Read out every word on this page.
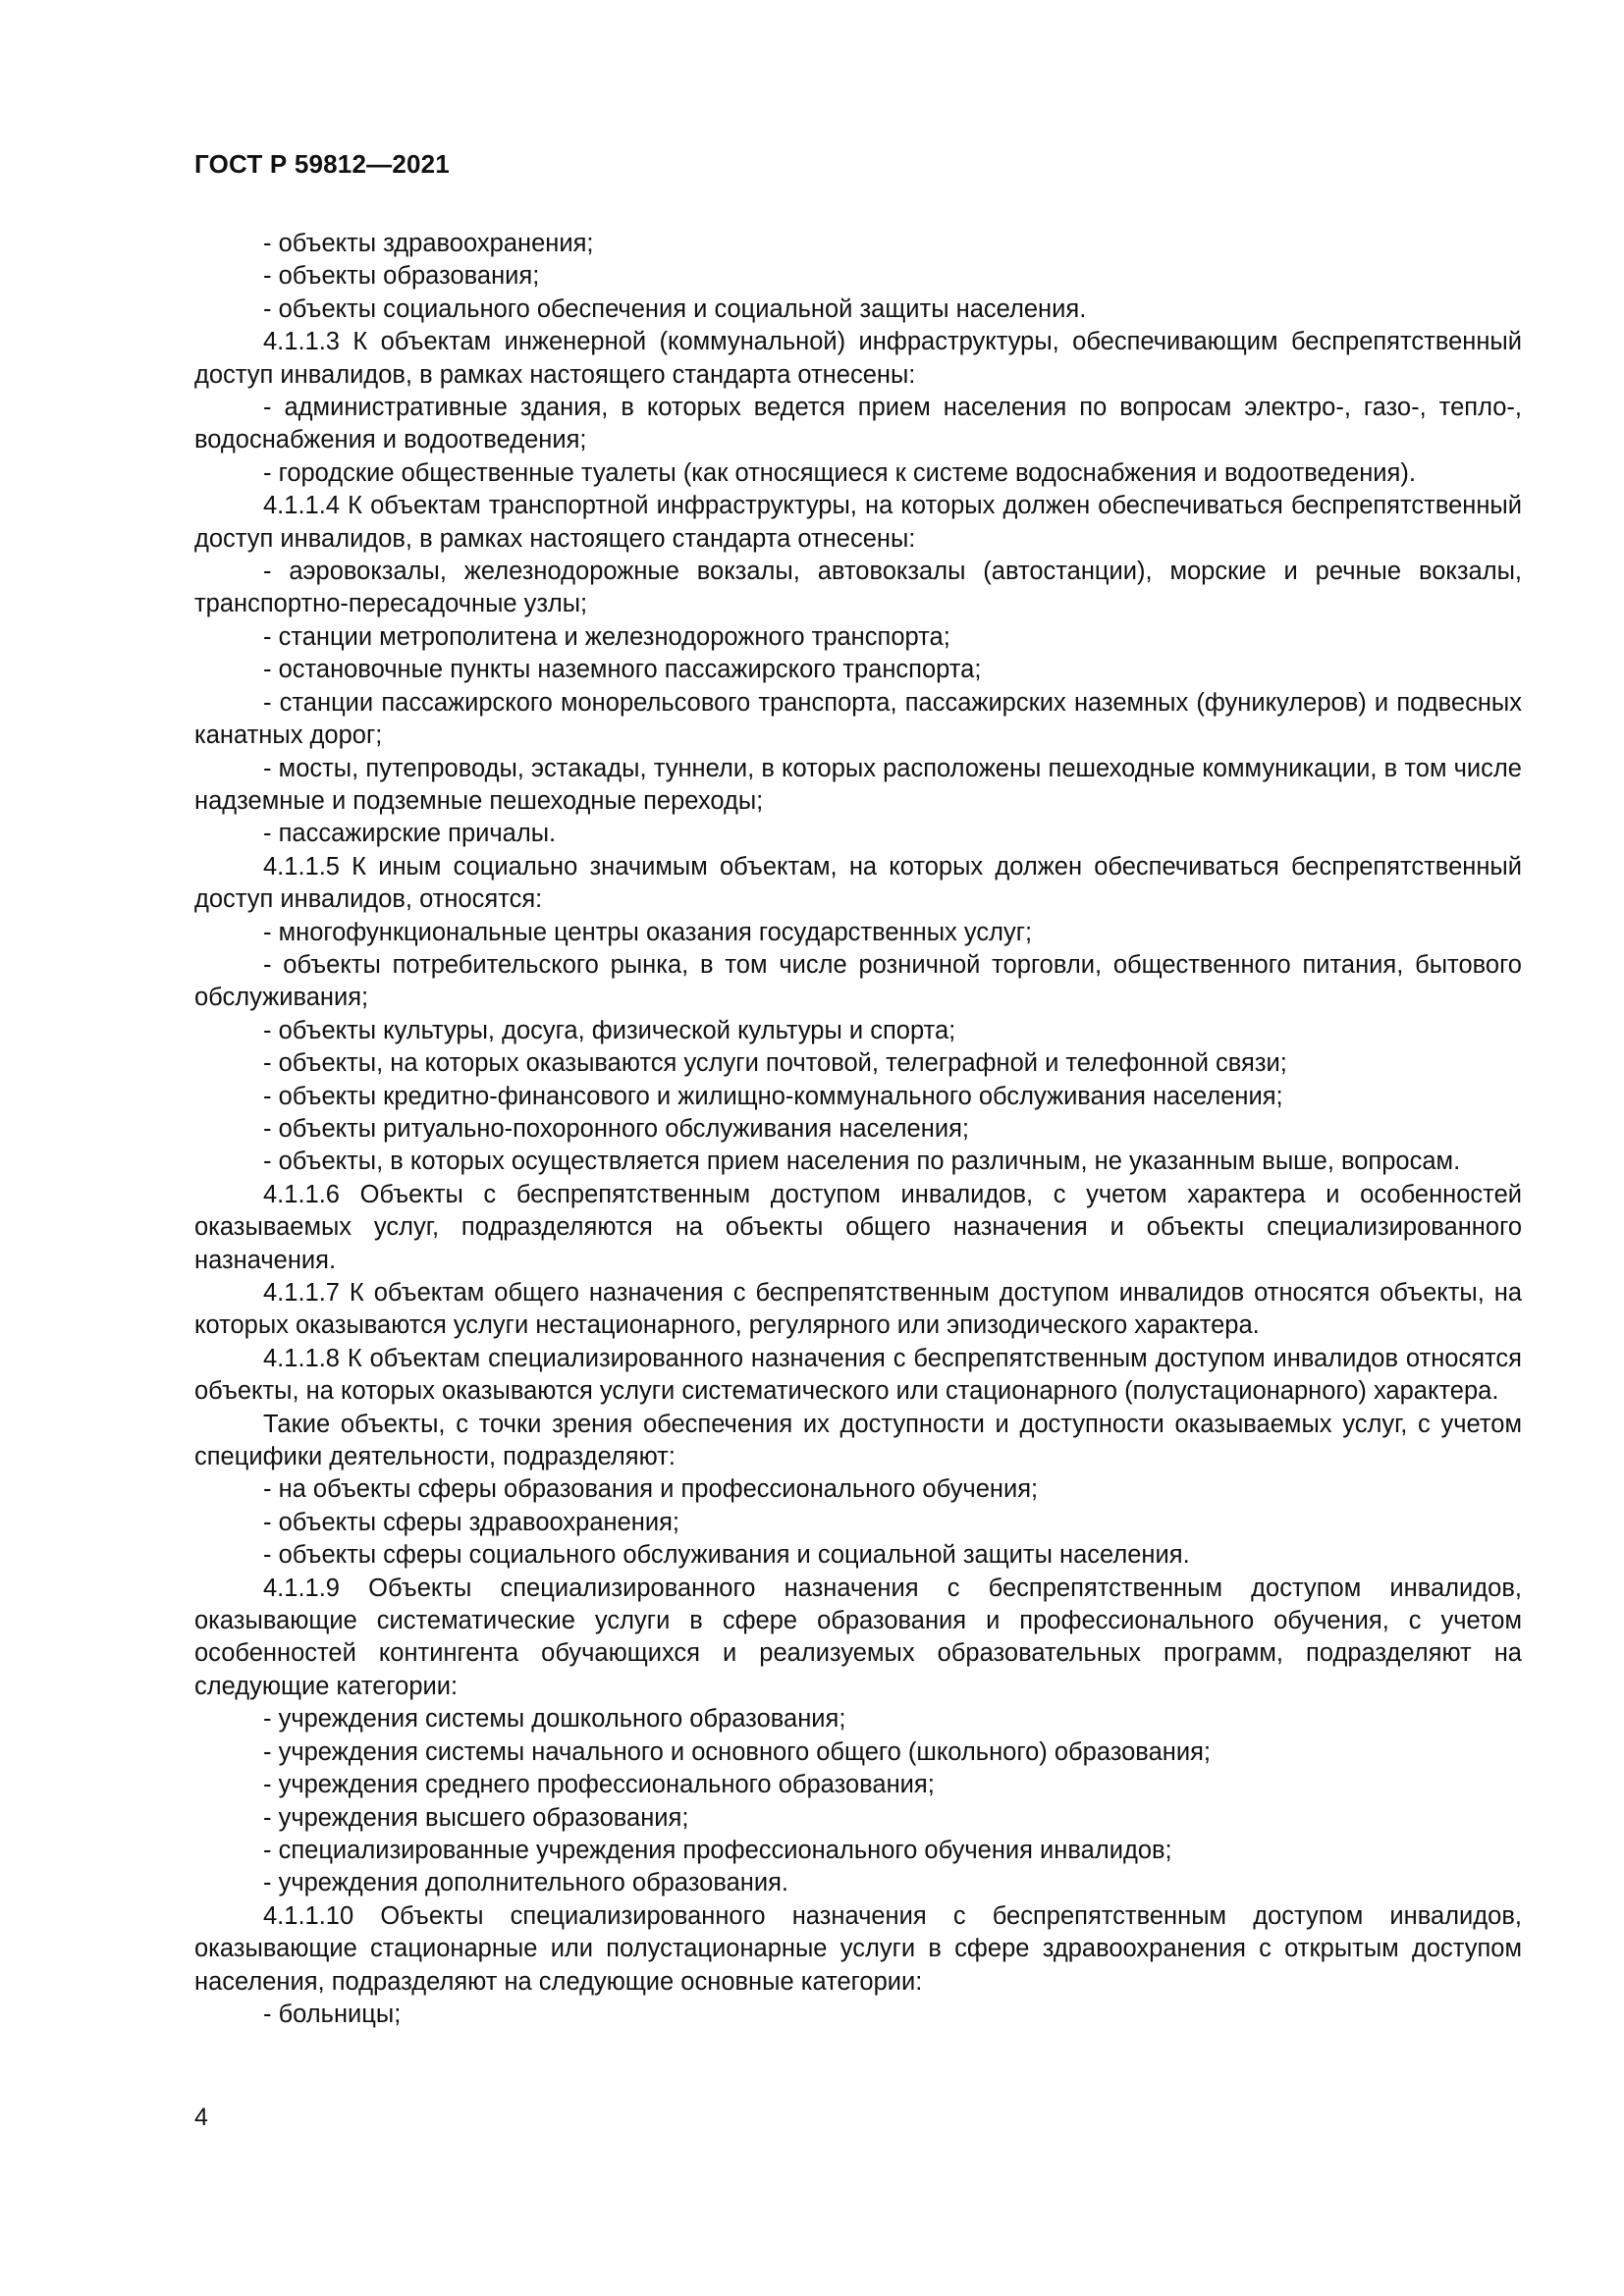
ГОСТ Р 59812—2021

- объекты здравоохранения;

- объекты образования;

- объекты социального обеспечения и социальной защиты населения.

4.1.1.3 К объектам инженерной (коммунальной) инфраструктуры, обеспечивающим беспрепятственный доступ инвалидов, в рамках настоящего стандарта отнесены:

- административные здания, в которых ведется прием населения по вопросам электро-, газо-, тепло-, водоснабжения и водоотведения;

- городские общественные туалеты (как относящиеся к системе водоснабжения и водоотведения).

4.1.1.4 К объектам транспортной инфраструктуры, на которых должен обеспечиваться беспрепятственный доступ инвалидов, в рамках настоящего стандарта отнесены:

- аэровокзалы, железнодорожные вокзалы, автовокзалы (автостанции), морские и речные вокзалы, транспортно-пересадочные узлы;

- станции метрополитена и железнодорожного транспорта;

- остановочные пункты наземного пассажирского транспорта;

- станции пассажирского монорельсового транспорта, пассажирских наземных (фуникулеров) и подвесных канатных дорог;

- мосты, путепроводы, эстакады, туннели, в которых расположены пешеходные коммуникации, в том числе надземные и подземные пешеходные переходы;

- пассажирские причалы.

4.1.1.5 К иным социально значимым объектам, на которых должен обеспечиваться беспрепятственный доступ инвалидов, относятся:

- многофункциональные центры оказания государственных услуг;

- объекты потребительского рынка, в том числе розничной торговли, общественного питания, бытового обслуживания;

- объекты культуры, досуга, физической культуры и спорта;

- объекты, на которых оказываются услуги почтовой, телеграфной и телефонной связи;

- объекты кредитно-финансового и жилищно-коммунального обслуживания населения;

- объекты ритуально-похоронного обслуживания населения;

- объекты, в которых осуществляется прием населения по различным, не указанным выше, вопросам.

4.1.1.6 Объекты с беспрепятственным доступом инвалидов, с учетом характера и особенностей оказываемых услуг, подразделяются на объекты общего назначения и объекты специализированного назначения.

4.1.1.7 К объектам общего назначения с беспрепятственным доступом инвалидов относятся объекты, на которых оказываются услуги нестационарного, регулярного или эпизодического характера.

4.1.1.8 К объектам специализированного назначения с беспрепятственным доступом инвалидов относятся объекты, на которых оказываются услуги систематического или стационарного (полустационарного) характера.

Такие объекты, с точки зрения обеспечения их доступности и доступности оказываемых услуг, с учетом специфики деятельности, подразделяют:

- на объекты сферы образования и профессионального обучения;

- объекты сферы здравоохранения;

- объекты сферы социального обслуживания и социальной защиты населения.

4.1.1.9 Объекты специализированного назначения с беспрепятственным доступом инвалидов, оказывающие систематические услуги в сфере образования и профессионального обучения, с учетом особенностей контингента обучающихся и реализуемых образовательных программ, подразделяют на следующие категории:

- учреждения системы дошкольного образования;

- учреждения системы начального и основного общего (школьного) образования;

- учреждения среднего профессионального образования;

- учреждения высшего образования;

- специализированные учреждения профессионального обучения инвалидов;

- учреждения дополнительного образования.

4.1.1.10 Объекты специализированного назначения с беспрепятственным доступом инвалидов, оказывающие стационарные или полустационарные услуги в сфере здравоохранения с открытым доступом населения, подразделяют на следующие основные категории:

- больницы;

4
